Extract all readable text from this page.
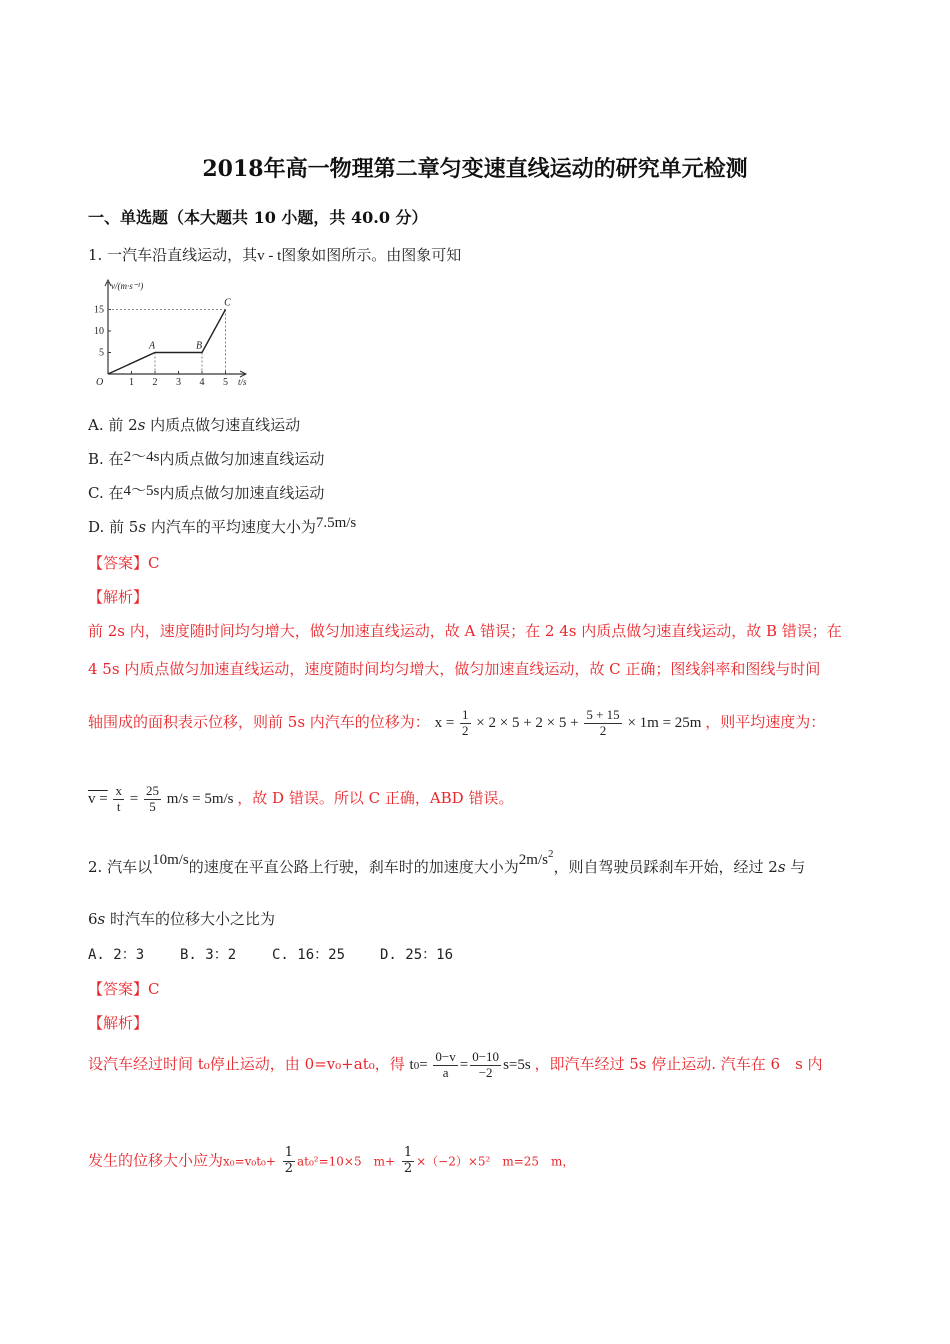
2018年高一物理第二章匀变速直线运动的研究单元检测
一、单选题（本大题共 10 小题，共 40.0 分）
1. 一汽车沿直线运动，其v - t图象如图所示。由图象可知
v/(m·s⁻¹)
t/s
O
15
10
5
1 2 3 4 5
A	B
C
A. 前 2s 内质点做匀速直线运动
B. 在2～4s内质点做匀加速直线运动
C. 在4～5s内质点做匀加速直线运动
D. 前 5s 内汽车的平均速度大小为7.5m/s
【答案】C
【解析】
前 2s 内，速度随时间均匀增大，做匀加速直线运动，故 A 错误；在 2 4s 内质点做匀速直线运动，故 B 错误；在
4 5s 内质点做匀加速直线运动，速度随时间均匀增大，做匀加速直线运动，故 C 正确；图线斜率和图线与时间
轴围成的面积表示位移，则前 5s 内汽车的位移为： $x = \frac{1}{2} \times 2 \times 5 + 2 \times 5 + \frac{5 + 15}{2} \times 1m = 25m$ ，则平均速度为：
$v = \frac{x}{t} = \frac{25}{5} m/s = 5m/s$ ，故 D 错误。所以 C 正确，ABD 错误。
2. 汽车以10m/s的速度在平直公路上行驶，刹车时的加速度大小为$2m/s^2$，则自驾驶员踩刹车开始，经过 2s 与
6s 时汽车的位移大小之比为
A. 2：3	B. 3：2	C. 16：25 D. 25：16
【答案】C
【解析】
设汽车经过时间 t₀停止运动，由 0=v₀+at₀，得 $t0= \frac{0-v}{a} = \frac{0-10}{-2} s=5s$ ，即汽车经过 5s 停止运动. 汽车在 6　s 内
发生的位移大小应为$x_0=v_0t_0+ \frac{1}{2} at_0^2=10\times 5$　$m+ \frac{1}{2} \times(-2)\times 5^2$　m=25　m，
